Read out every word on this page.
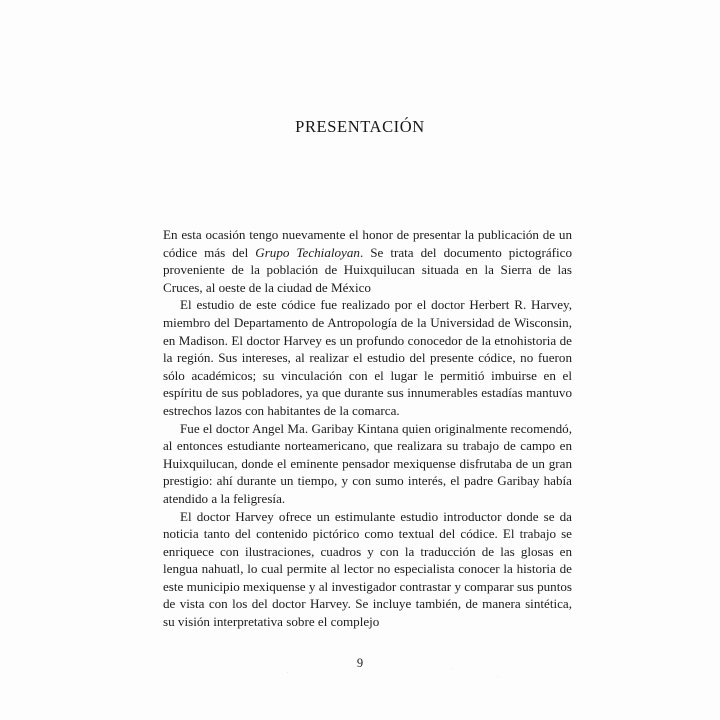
PRESENTACIÓN

En esta ocasión tengo nuevamente el honor de presentar la publicación de un códice más del Grupo Techialoyan. Se trata del documento pictográfico proveniente de la población de Huixquilucan situada en la Sierra de las Cruces, al oeste de la ciudad de México

El estudio de este códice fue realizado por el doctor Herbert R. Harvey, miembro del Departamento de Antropología de la Universidad de Wisconsin, en Madison. El doctor Harvey es un profundo conocedor de la etnohistoria de la región. Sus intereses, al realizar el estudio del presente códice, no fueron sólo académicos; su vinculación con el lugar le permitió imbuirse en el espíritu de sus pobladores, ya que durante sus innumerables estadías mantuvo estrechos lazos con habitantes de la comarca.

Fue el doctor Angel Ma. Garibay Kintana quien originalmente recomendó, al entonces estudiante norteamericano, que realizara su trabajo de campo en Huixquilucan, donde el eminente pensador mexiquense disfrutaba de un gran prestigio: ahí durante un tiempo, y con sumo interés, el padre Garibay había atendido a la feligresía.

El doctor Harvey ofrece un estimulante estudio introductor donde se da noticia tanto del contenido pictórico como textual del códice. El trabajo se enriquece con ilustraciones, cuadros y con la traducción de las glosas en lengua nahuatl, lo cual permite al lector no especialista conocer la historia de este municipio mexiquense y al investigador contrastar y comparar sus puntos de vista con los del doctor Harvey. Se incluye también, de manera sintética, su visión interpretativa sobre el complejo

9
